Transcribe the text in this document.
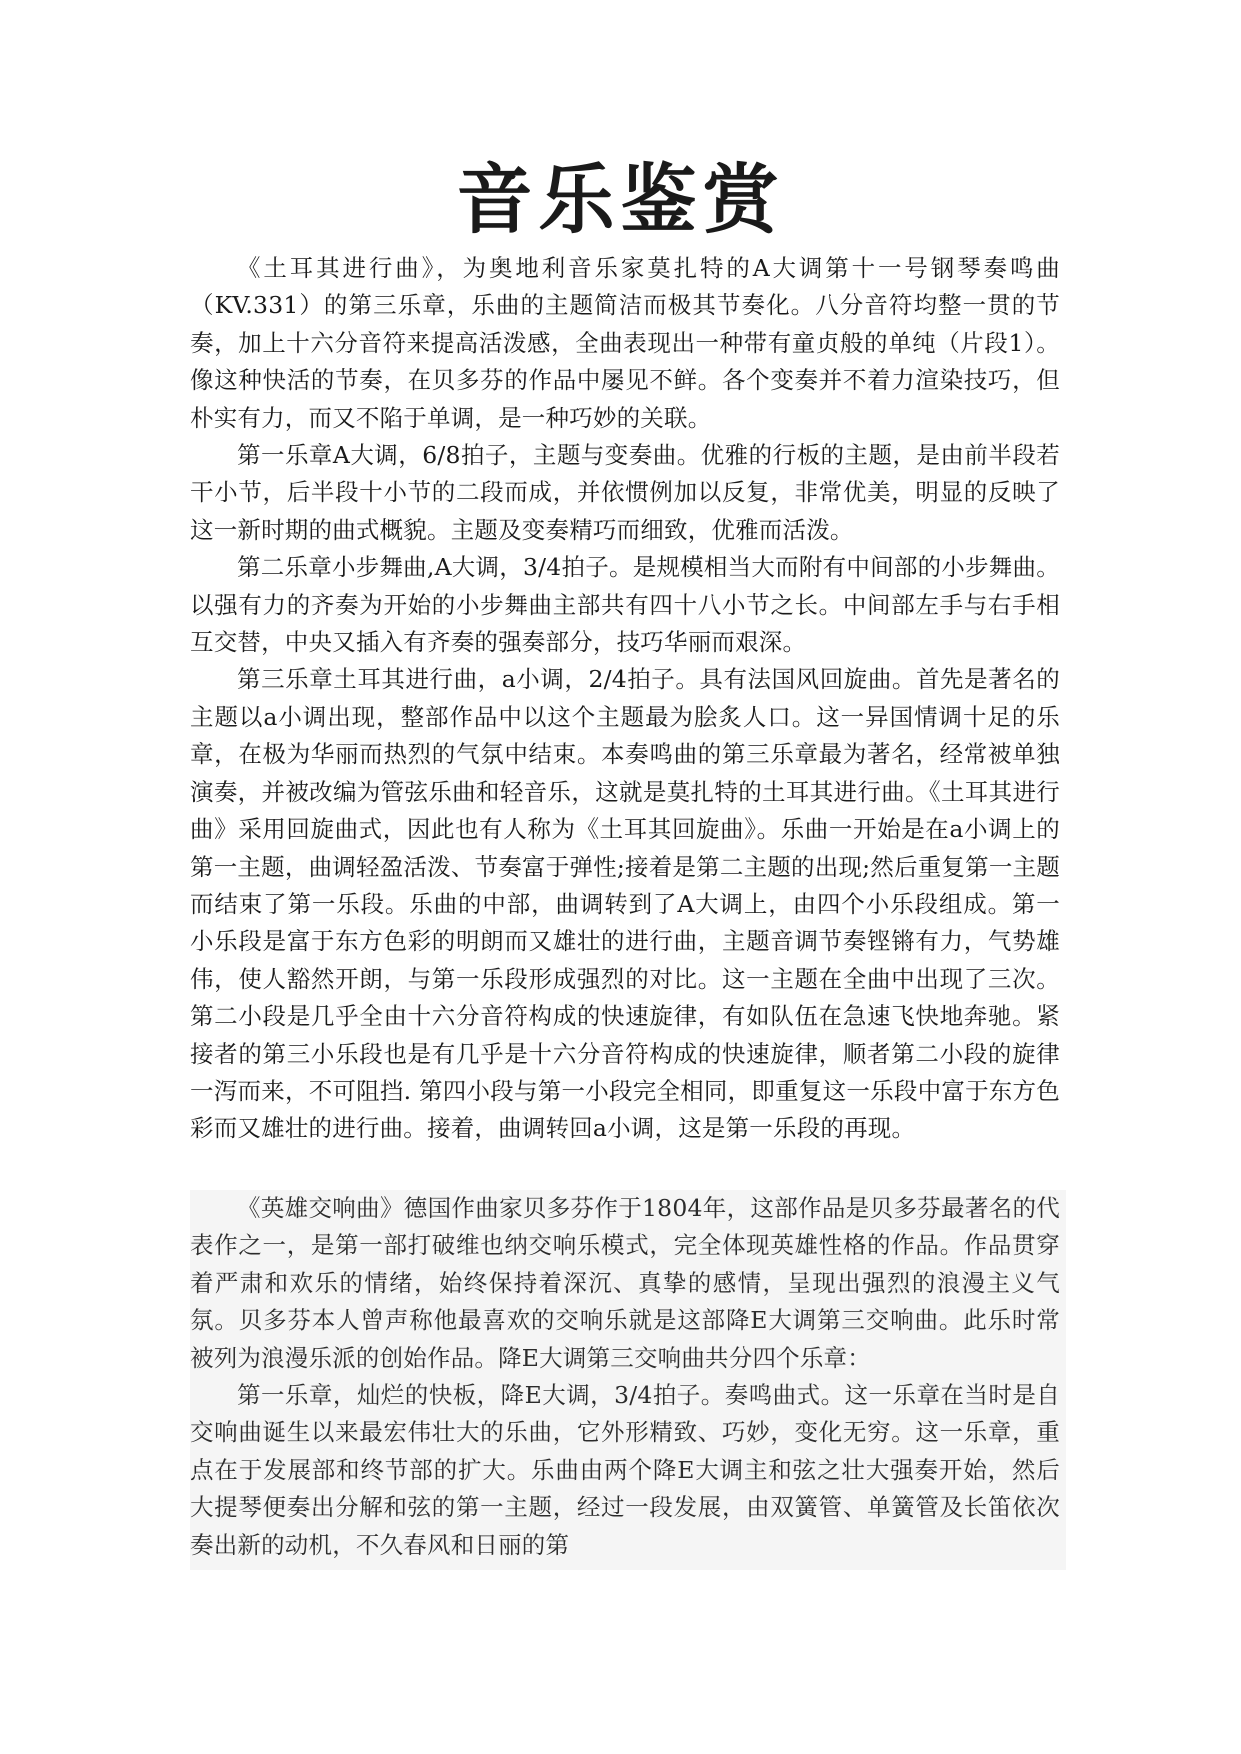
音乐鉴赏

《土耳其进行曲》，为奥地利音乐家莫扎特的A大调第十一号钢琴奏鸣曲（KV.331）的第三乐章，乐曲的主题简洁而极其节奏化。八分音符均整一贯的节奏，加上十六分音符来提高活泼感，全曲表现出一种带有童贞般的单纯（片段1）。像这种快活的节奏，在贝多芬的作品中屡见不鲜。各个变奏并不着力渲染技巧，但朴实有力，而又不陷于单调，是一种巧妙的关联。

第一乐章A大调，6/8拍子，主题与变奏曲。优雅的行板的主题，是由前半段若干小节，后半段十小节的二段而成，并依惯例加以反复，非常优美，明显的反映了这一新时期的曲式概貌。主题及变奏精巧而细致，优雅而活泼。

第二乐章小步舞曲,A大调，3/4拍子。是规模相当大而附有中间部的小步舞曲。以强有力的齐奏为开始的小步舞曲主部共有四十八小节之长。中间部左手与右手相互交替，中央又插入有齐奏的强奏部分，技巧华丽而艰深。

第三乐章土耳其进行曲，a小调，2/4拍子。具有法国风回旋曲。首先是著名的主题以a小调出现，整部作品中以这个主题最为脍炙人口。这一异国情调十足的乐章，在极为华丽而热烈的气氛中结束。本奏鸣曲的第三乐章最为著名，经常被单独演奏，并被改编为管弦乐曲和轻音乐，这就是莫扎特的土耳其进行曲。《土耳其进行曲》采用回旋曲式，因此也有人称为《土耳其回旋曲》。乐曲一开始是在a小调上的第一主题，曲调轻盈活泼、节奏富于弹性;接着是第二主题的出现;然后重复第一主题而结束了第一乐段。乐曲的中部，曲调转到了A大调上，由四个小乐段组成。第一小乐段是富于东方色彩的明朗而又雄壮的进行曲，主题音调节奏铿锵有力，气势雄伟，使人豁然开朗，与第一乐段形成强烈的对比。这一主题在全曲中出现了三次。 第二小段是几乎全由十六分音符构成的快速旋律，有如队伍在急速飞快地奔驰。紧接者的第三小乐段也是有几乎是十六分音符构成的快速旋律，顺者第二小段的旋律一泻而来，不可阻挡. 第四小段与第一小段完全相同，即重复这一乐段中富于东方色彩而又雄壮的进行曲。接着，曲调转回a小调，这是第一乐段的再现。

《英雄交响曲》德国作曲家贝多芬作于1804年，这部作品是贝多芬最著名的代表作之一，是第一部打破维也纳交响乐模式，完全体现英雄性格的作品。作品贯穿着严肃和欢乐的情绪，始终保持着深沉、真挚的感情，呈现出强烈的浪漫主义气氛。贝多芬本人曾声称他最喜欢的交响乐就是这部降E大调第三交响曲。此乐时常被列为浪漫乐派的创始作品。降E大调第三交响曲共分四个乐章：

第一乐章，灿烂的快板，降E大调，3/4拍子。奏鸣曲式。这一乐章在当时是自交响曲诞生以来最宏伟壮大的乐曲，它外形精致、巧妙，变化无穷。这一乐章，重点在于发展部和终节部的扩大。乐曲由两个降E大调主和弦之壮大强奏开始，然后大提琴便奏出分解和弦的第一主题，经过一段发展，由双簧管、单簧管及长笛依次奏出新的动机，不久春风和日丽的第
